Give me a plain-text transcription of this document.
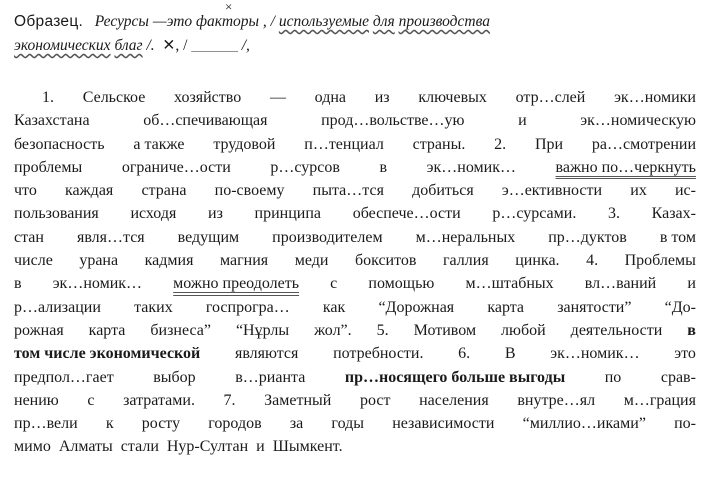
Образец. Ресурсы —это
×
факторы , / используемые для производства
экономических благ /. ✕, / ______ /,
1. Сельское хозяйство — одна из ключевых отр…слей эк…номики
Казахстана	об…спечивающая	прод…вольстве…ую	и	эк…номическую
безопасность а также трудовой п…тенциал страны. 2. При ра…смотрении
проблемы ограниче…ости р…сурсов в эк…номик… важно по…черкнуть
что каждая страна по-своему пыта…тся добиться э…ективности их ис-
пользования исходя из принципа обеспече…ости р…сурсами. 3. Казах-
стан явля…тся ведущим производителем м…неральных пр…дуктов в том
числе урана кадмия магния меди бокситов галлия цинка. 4. Проблемы
в эк…номик… можно преодолеть с помощью м…штабных вл…ваний и
р…ализации таких госпрогра… как “Дорожная карта занятости” “До-
рожная карта бизнеса” “Нұрлы жол”. 5. Мотивом любой деятельности в
том числе экономической являются потребности. 6. В эк…номик… это
предпол…гает выбор в…рианта пр…носящего больше выгоды по срав-
нению с затратами. 7. Заметный рост населения внутре…ял м…грация
пр…вели к росту городов за годы независимости “миллио…иками” по-
мимо Алматы стали Нур-Султан и Шымкент.
